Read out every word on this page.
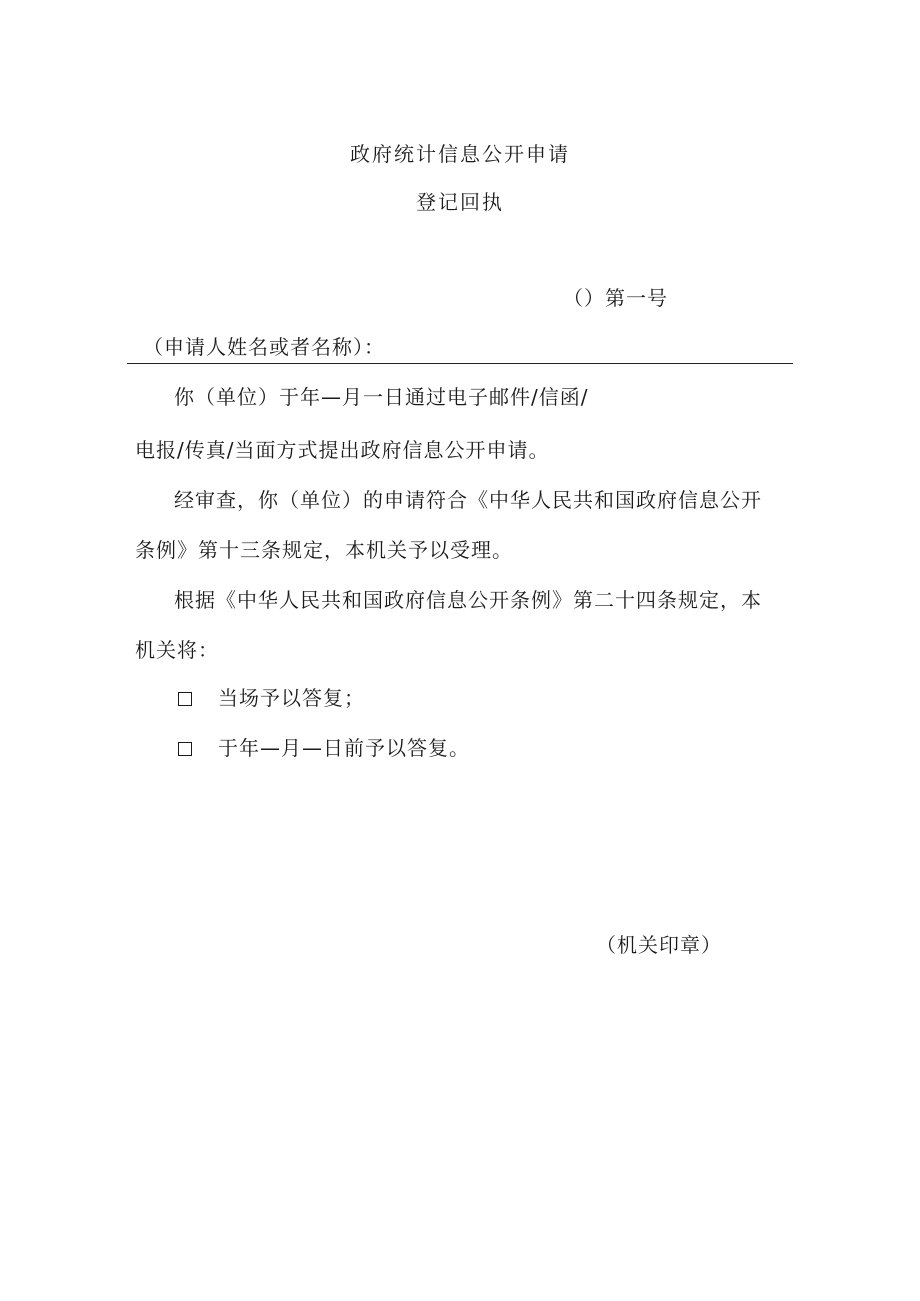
政府统计信息公开申请
登记回执
（）第一号
（申请人姓名或者名称）：
你（单位）于年—月一日通过电子邮件/信函/
电报/传真/当面方式提出政府信息公开申请。
经审查，你（单位）的申请符合《中华人民共和国政府信息公开
条例》第十三条规定，本机关予以受理。
根据《中华人民共和国政府信息公开条例》第二十四条规定，本
机关将：
当场予以答复；
于年—月—日前予以答复。
（机关印章）
